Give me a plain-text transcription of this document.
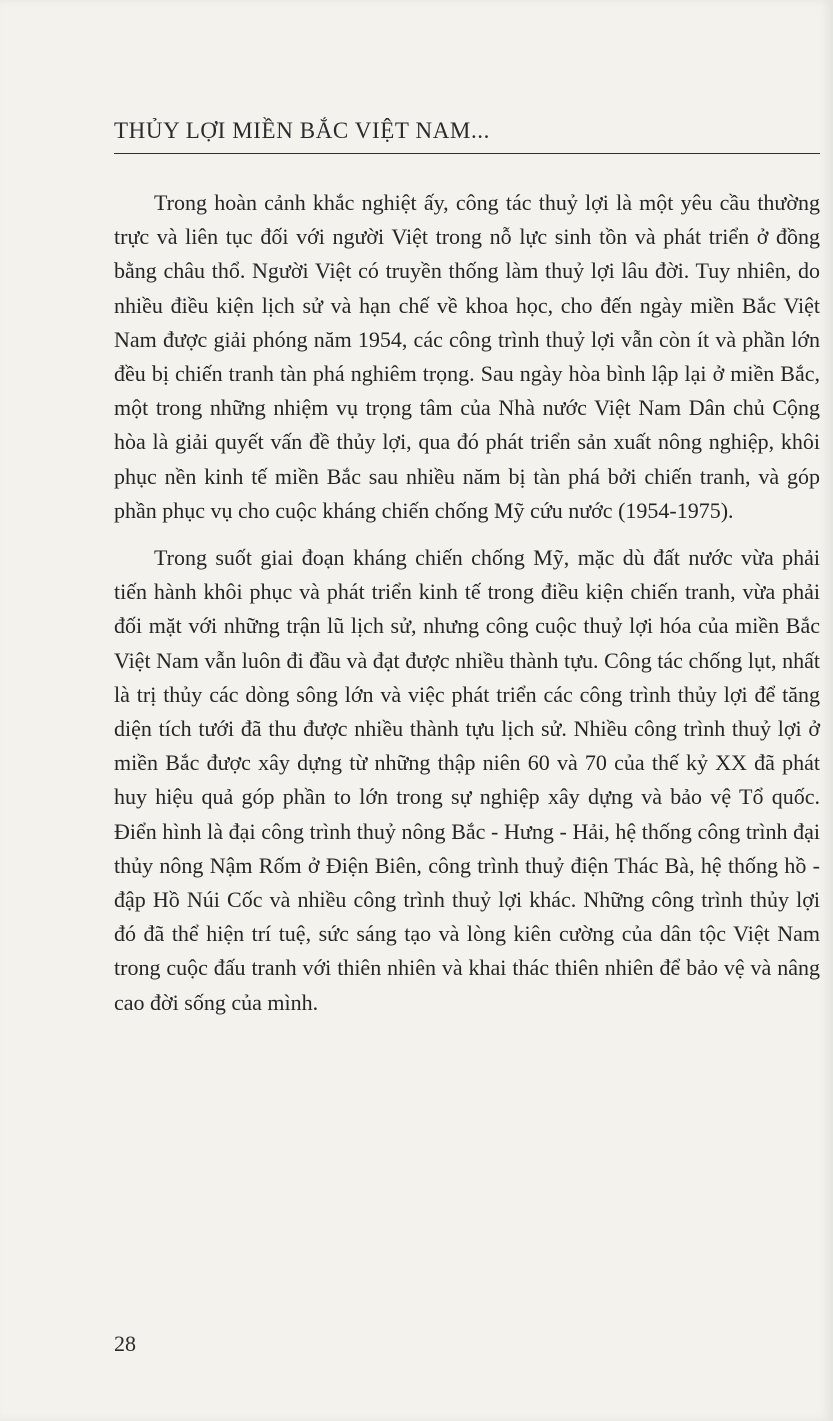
THỦY LỢI MIỀN BẮC VIỆT NAM...

Trong hoàn cảnh khắc nghiệt ấy, công tác thuỷ lợi là một yêu cầu thường trực và liên tục đối với người Việt trong nỗ lực sinh tồn và phát triển ở đồng bằng châu thổ. Người Việt có truyền thống làm thuỷ lợi lâu đời. Tuy nhiên, do nhiều điều kiện lịch sử và hạn chế về khoa học, cho đến ngày miền Bắc Việt Nam được giải phóng năm 1954, các công trình thuỷ lợi vẫn còn ít và phần lớn đều bị chiến tranh tàn phá nghiêm trọng. Sau ngày hòa bình lập lại ở miền Bắc, một trong những nhiệm vụ trọng tâm của Nhà nước Việt Nam Dân chủ Cộng hòa là giải quyết vấn đề thủy lợi, qua đó phát triển sản xuất nông nghiệp, khôi phục nền kinh tế miền Bắc sau nhiều năm bị tàn phá bởi chiến tranh, và góp phần phục vụ cho cuộc kháng chiến chống Mỹ cứu nước (1954-1975).

Trong suốt giai đoạn kháng chiến chống Mỹ, mặc dù đất nước vừa phải tiến hành khôi phục và phát triển kinh tế trong điều kiện chiến tranh, vừa phải đối mặt với những trận lũ lịch sử, nhưng công cuộc thuỷ lợi hóa của miền Bắc Việt Nam vẫn luôn đi đầu và đạt được nhiều thành tựu. Công tác chống lụt, nhất là trị thủy các dòng sông lớn và việc phát triển các công trình thủy lợi để tăng diện tích tưới đã thu được nhiều thành tựu lịch sử. Nhiều công trình thuỷ lợi ở miền Bắc được xây dựng từ những thập niên 60 và 70 của thế kỷ XX đã phát huy hiệu quả góp phần to lớn trong sự nghiệp xây dựng và bảo vệ Tổ quốc. Điển hình là đại công trình thuỷ nông Bắc - Hưng - Hải, hệ thống công trình đại thủy nông Nậm Rốm ở Điện Biên, công trình thuỷ điện Thác Bà, hệ thống hồ - đập Hồ Núi Cốc và nhiều công trình thuỷ lợi khác. Những công trình thủy lợi đó đã thể hiện trí tuệ, sức sáng tạo và lòng kiên cường của dân tộc Việt Nam trong cuộc đấu tranh với thiên nhiên và khai thác thiên nhiên để bảo vệ và nâng cao đời sống của mình.

28
